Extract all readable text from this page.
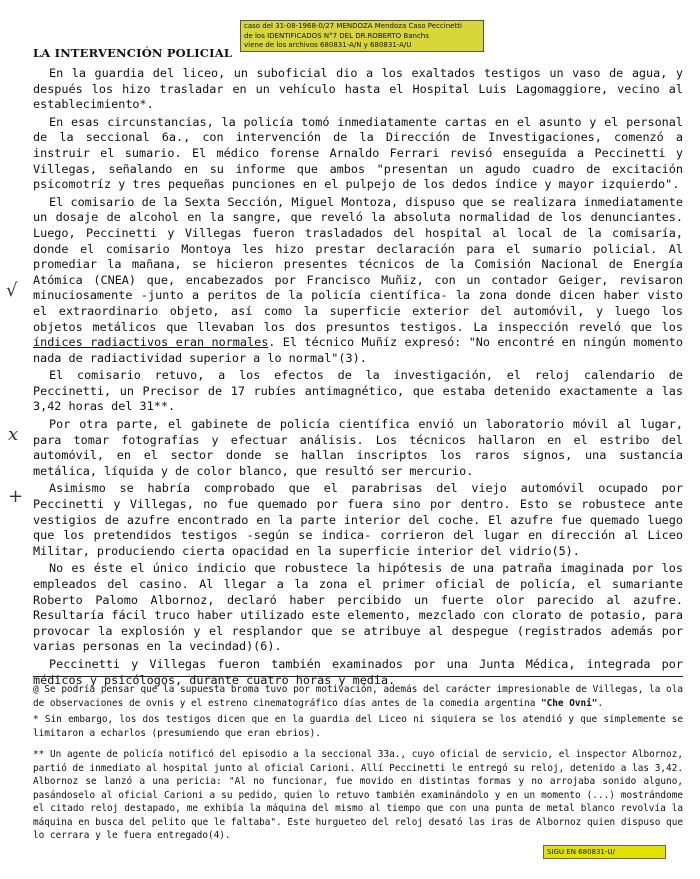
caso del 31-08-1968-0/27 MENDOZA Mendoza Caso Peccinetti
de los IDENTIFICADOS N°7 DEL DR.ROBERTO Banchs
viene de los archivos 680831-A/N y 680831-A/U
LA INTERVENCIÓN POLICIAL
√
x
+

En la guardia del liceo, un suboficial dio a los exaltados testigos un vaso de agua, y después los hizo trasladar en un vehículo hasta el Hospital Luis Lagomaggiore, vecino al establecimiento*.

En esas circunstancias, la policía tomó inmediatamente cartas en el asunto y el personal de la seccional 6a., con intervención de la Dirección de Investigaciones, comenzó a instruir el sumario. El médico forense Arnaldo Ferrari revisó enseguida a Peccinetti y Villegas, señalando en su informe que ambos "presentan un agudo cuadro de excitación psicomotríz y tres pequeñas punciones en el pulpejo de los dedos índice y mayor izquierdo".

El comisario de la Sexta Sección, Miguel Montoza, dispuso que se realizara inmediatamente un dosaje de alcohol en la sangre, que reveló la absoluta normalidad de los denunciantes. Luego, Peccinetti y Villegas fueron trasladados del hospital al local de la comisaría, donde el comisario Montoya les hizo prestar declaración para el sumario policial. Al promediar la mañana, se hicieron presentes técnicos de la Comisión Nacional de Energía Atómica (CNEA) que, encabezados por Francisco Muñiz, con un contador Geiger, revisaron minuciosamente -junto a peritos de la policía científica- la zona donde dicen haber visto el extraordinario objeto, así como la superficie exterior del automóvil, y luego los objetos metálicos que llevaban los dos presuntos testigos. La inspección reveló que los índices radiactivos eran normales. El técnico Muñíz expresó: "No encontré en ningún momento nada de radiactividad superior a lo normal"(3).

El comisario retuvo, a los efectos de la investigación, el reloj calendario de Peccinetti, un Precisor de 17 rubíes antimagnético, que estaba detenido exactamente a las 3,42 horas del 31**.

Por otra parte, el gabinete de policía científica envió un laboratorio móvil al lugar, para tomar fotografías y efectuar análisis. Los técnicos hallaron en el estribo del automóvil, en el sector donde se hallan inscriptos los raros signos, una sustancia metálica, líquida y de color blanco, que resultó ser mercurio.

Asimismo se habría comprobado que el parabrisas del viejo automóvil ocupado por Peccinetti y Villegas, no fue quemado por fuera sino por dentro. Esto se robustece ante vestigios de azufre encontrado en la parte interior del coche. El azufre fue quemado luego que los pretendidos testigos -según se indica- corrieron del lugar en dirección al Liceo Militar, produciendo cierta opacidad en la superficie interior del vidrio(5).

No es éste el único indicio que robustece la hipótesis de una patraña imaginada por los empleados del casino. Al llegar a la zona el primer oficial de policía, el sumariante Roberto Palomo Albornoz, declaró haber percibido un fuerte olor parecido al azufre. Resultaría fácil truco haber utilizado este elemento, mezclado con clorato de potasio, para provocar la explosión y el resplandor que se atribuye al despegue (registrados además por varias personas en la vecindad)(6).

Peccinetti y Villegas fueron también examinados por una Junta Médica, integrada por médicos y psicólogos, durante cuatro horas y media.

@ Se podría pensar que la supuesta broma tuvo por motivación, además del carácter impresionable de Villegas, la ola de observaciones de ovnis y el estreno cinematográfico días antes de la comedia argentina "Che Ovni".

* Sin embargo, los dos testigos dicen que en la guardia del Liceo ni siquiera se los atendió y que simplemente se limitaron a echarlos (presumiendo que eran ebrios).

** Un agente de policía notificó del episodio a la seccional 33a., cuyo oficial de servicio, el inspector Albornoz, partió de inmediato al hospital junto al oficial Carioni. Allí Peccinetti le entregó su reloj, detenido a las 3,42. Albornoz se lanzó a una pericia: "Al no funcionar, fue movido en distintas formas y no arrojaba sonido alguno, pasándoselo al oficial Carioni a su pedido, quien lo retuvo también examinándolo y en un momento (...) mostrándome el citado reloj destapado, me exhibía la máquina del mismo al tiempo que con una punta de metal blanco revolvía la máquina en busca del pelito que le faltaba". Este hurgueteo del reloj desató las iras de Albornoz quien dispuso que lo cerrara y le fuera entregado(4).

SIGU EN 680831-U/
